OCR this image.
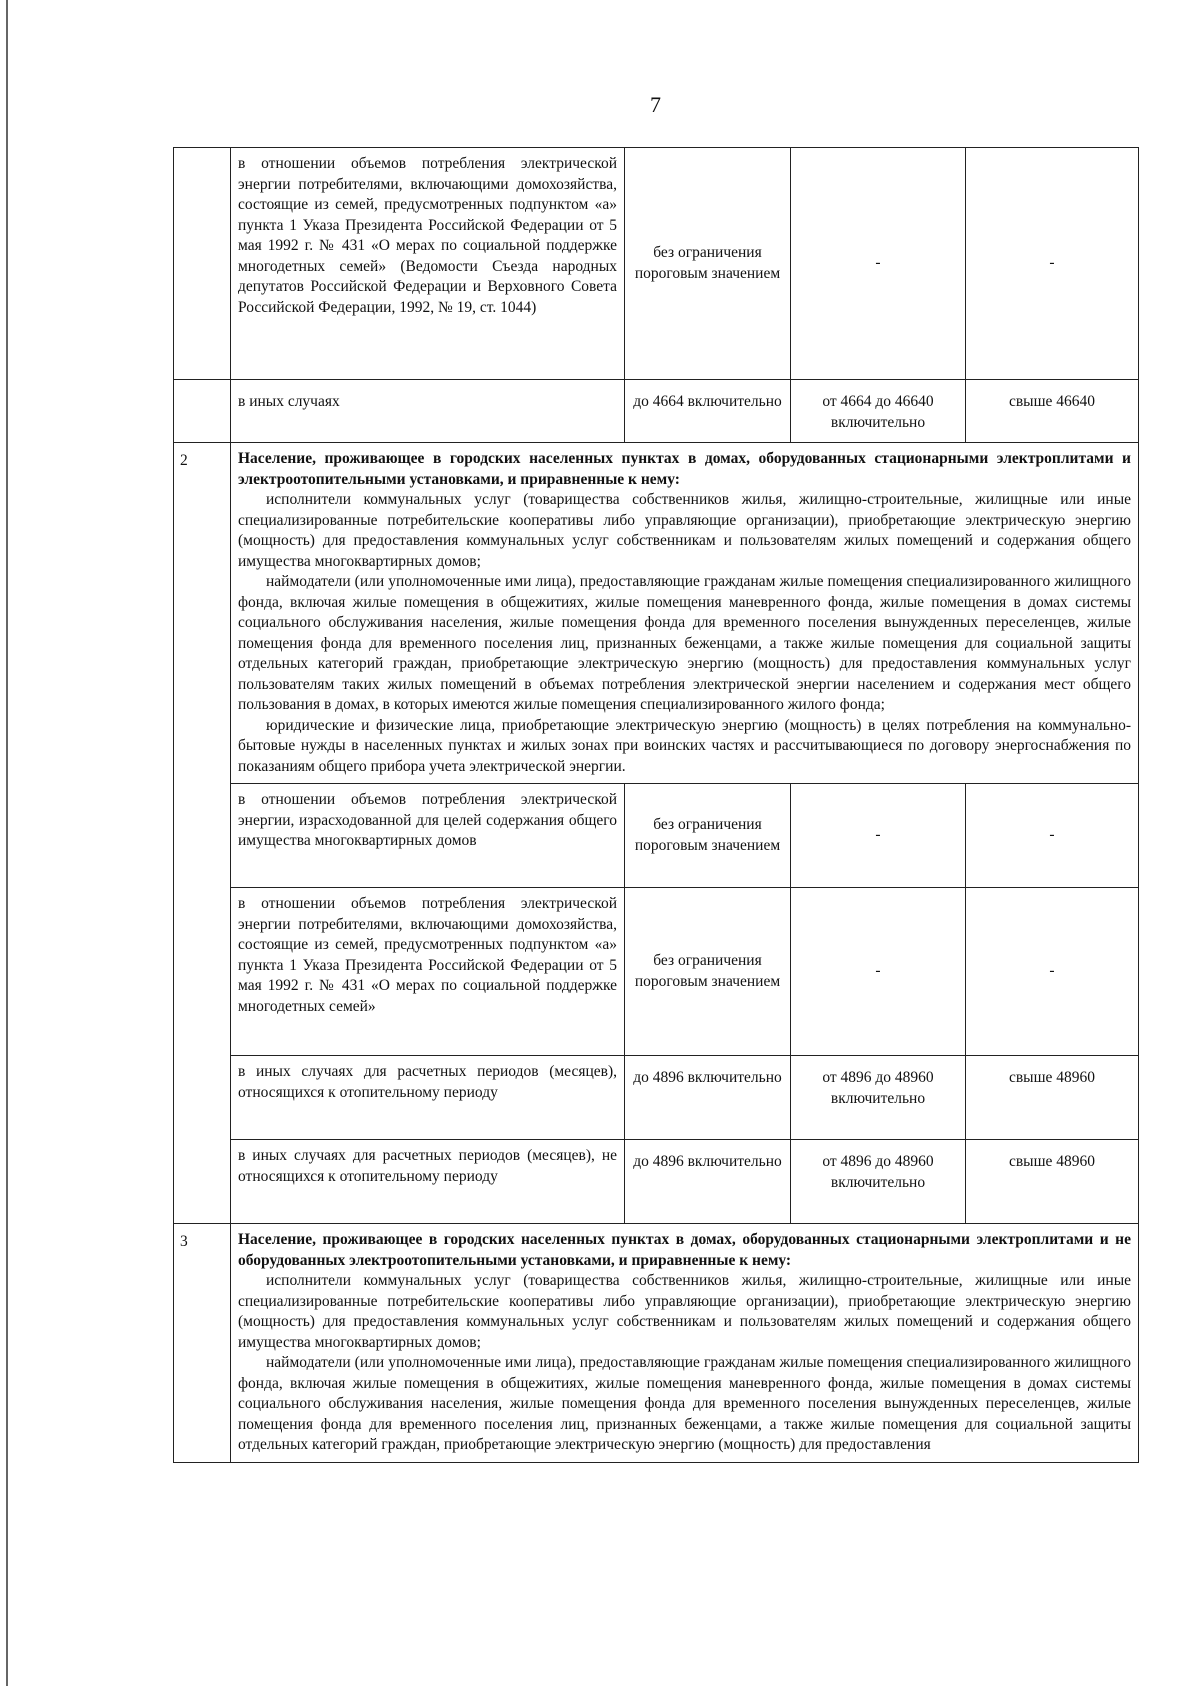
7
	в отношении объемов потребления электрической энергии потребителями, включающими домохозяйства, состоящие из семей, предусмотренных подпунктом «а» пункта 1 Указа Президента Российской Федерации от 5 мая 1992 г. № 431 «О мерах по социальной поддержке многодетных семей» (Ведомости Съезда народных депутатов Российской Федерации и Верховного Совета Российской Федерации, 1992, № 19, ст. 1044)	без ограничения пороговым значением	-	-
	в иных случаях	до 4664 включительно	от 4664 до 46640 включительно	свыше 46640
2	Население, проживающее в городских населенных пунктах в домах, оборудованных стационарными электроплитами и электроотопительными установками, и приравненные к нему:
исполнители коммунальных услуг (товарищества собственников жилья, жилищно-строительные, жилищные или иные специализированные потребительские кооперативы либо управляющие организации), приобретающие электрическую энергию (мощность) для предоставления коммунальных услуг собственникам и пользователям жилых помещений и содержания общего имущества многоквартирных домов;
наймодатели (или уполномоченные ими лица), предоставляющие гражданам жилые помещения специализированного жилищного фонда, включая жилые помещения в общежитиях, жилые помещения маневренного фонда, жилые помещения в домах системы социального обслуживания населения, жилые помещения фонда для временного поселения вынужденных переселенцев, жилые помещения фонда для временного поселения лиц, признанных беженцами, а также жилые помещения для социальной защиты отдельных категорий граждан, приобретающие электрическую энергию (мощность) для предоставления коммунальных услуг пользователям таких жилых помещений в объемах потребления электрической энергии населением и содержания мест общего пользования в домах, в которых имеются жилые помещения специализированного жилого фонда;
юридические и физические лица, приобретающие электрическую энергию (мощность) в целях потребления на коммунально-бытовые нужды в населенных пунктах и жилых зонах при воинских частях и рассчитывающиеся по договору энергоснабжения по показаниям общего прибора учета электрической энергии.			

	в отношении объемов потребления электрической энергии, израсходованной для целей содержания общего имущества многоквартирных домов	без ограничения пороговым значением	-	-
	в отношении объемов потребления электрической энергии потребителями, включающими домохозяйства, состоящие из семей, предусмотренных подпунктом «а» пункта 1 Указа Президента Российской Федерации от 5 мая 1992 г. № 431 «О мерах по социальной поддержке многодетных семей»	без ограничения пороговым значением	-	-
	в иных случаях для расчетных периодов (месяцев), относящихся к отопительному периоду	до 4896 включительно	от 4896 до 48960 включительно	свыше 48960
	в иных случаях для расчетных периодов (месяцев), не относящихся к отопительному периоду	до 4896 включительно	от 4896 до 48960 включительно	свыше 48960
3	Население, проживающее в городских населенных пунктах в домах, оборудованных стационарными электроплитами и не оборудованных электроотопительными установками, и приравненные к нему:
исполнители коммунальных услуг (товарищества собственников жилья, жилищно-строительные, жилищные или иные специализированные потребительские кооперативы либо управляющие организации), приобретающие электрическую энергию (мощность) для предоставления коммунальных услуг собственникам и пользователям жилых помещений и содержания общего имущества многоквартирных домов;
наймодатели (или уполномоченные ими лица), предоставляющие гражданам жилые помещения специализированного жилищного фонда, включая жилые помещения в общежитиях, жилые помещения маневренного фонда, жилые помещения в домах системы социального обслуживания населения, жилые помещения фонда для временного поселения вынужденных переселенцев, жилые помещения фонда для временного поселения лиц, признанных беженцами, а также жилые помещения для социальной защиты отдельных категорий граждан, приобретающие электрическую энергию (мощность) для предоставления			
